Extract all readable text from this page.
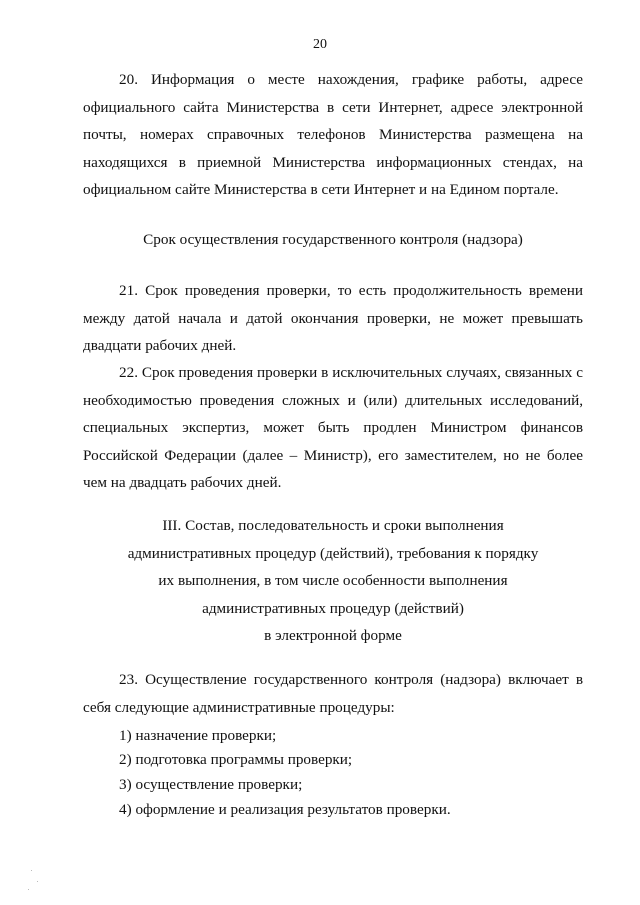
20

20. Информация о месте нахождения, графике работы, адресе официального сайта Министерства в сети Интернет, адресе электронной почты, номерах справочных телефонов Министерства размещена на находящихся в приемной Министерства информационных стендах, на официальном сайте Министерства в сети Интернет и на Едином портале.

Срок осуществления государственного контроля (надзора)

21. Срок проведения проверки, то есть продолжительность времени между датой начала и датой окончания проверки, не может превышать двадцати рабочих дней.

22. Срок проведения проверки в исключительных случаях, связанных с необходимостью проведения сложных и (или) длительных исследований, специальных экспертиз, может быть продлен Министром финансов Российской Федерации (далее – Министр), его заместителем, но не более чем на двадцать рабочих дней.

III. Состав, последовательность и сроки выполнения
административных процедур (действий), требования к порядку
их выполнения, в том числе особенности выполнения
административных процедур (действий)
в электронной форме

23. Осуществление государственного контроля (надзора) включает в себя следующие административные процедуры:

1) назначение проверки;

2) подготовка программы проверки;

3) осуществление проверки;

4) оформление и реализация результатов проверки.
